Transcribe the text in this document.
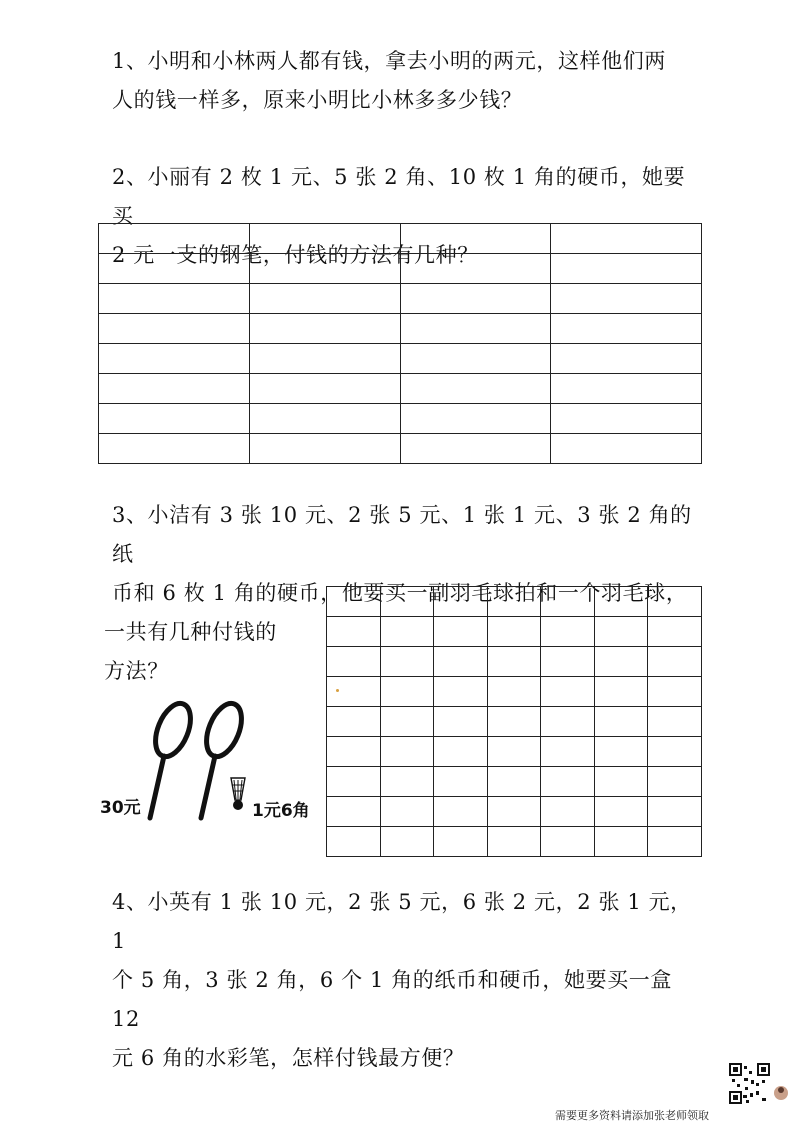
1、小明和小林两人都有钱，拿去小明的两元，这样他们两
人的钱一样多，原来小明比小林多多少钱？
2、小丽有 2 枚 1 元、5 张 2 角、10 枚 1 角的硬币，她要买
2 元一支的钢笔，付钱的方法有几种？

3、小洁有 3 张 10 元、2 张 5 元、1 张 1 元、3 张 2 角的纸
币和 6 枚 1 角的硬币，他要买一副羽毛球拍和一个羽毛球，
一共有几种付钱的
方法？

30元	1元6角
4、小英有 1 张 10 元，2 张 5 元，6 张 2 元，2 张 1 元，1
个 5 角，3 张 2 角，6 个 1 角的纸币和硬币，她要买一盒 12
元 6 角的水彩笔，怎样付钱最方便？
需要更多资料请添加张老师领取
